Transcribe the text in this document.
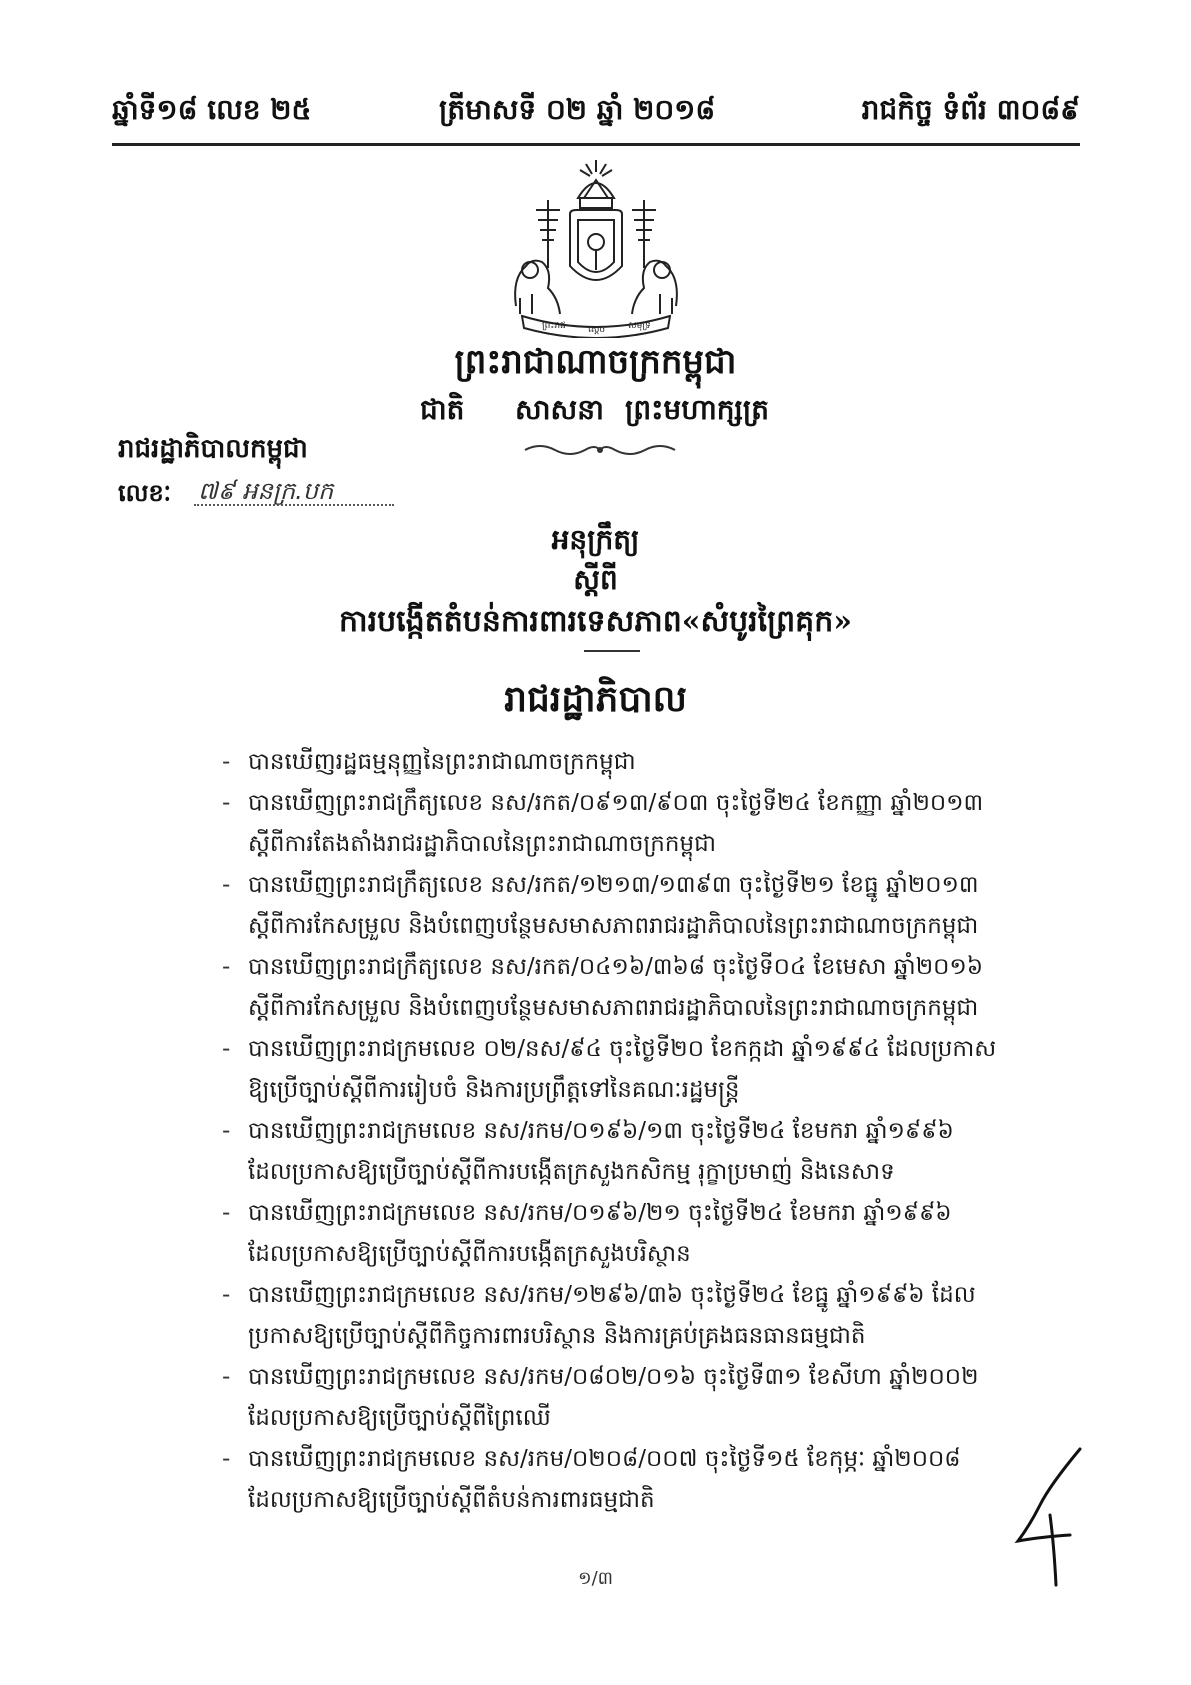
ឆ្នាំទី១៨ លេខ ២៥	ត្រីមាសទី ០២ ឆ្នាំ ២០១៨	រាជកិច្ច ទំព័រ ៣០៨៩
ព្រះរាជ ស្តេច	សមុទ្រ
ព្រះរាជាណាចក្រកម្ពុជា
ជាតិ សាសនា ព្រះមហាក្សត្រ
រាជរដ្ឋាភិបាលកម្ពុជា
លេខៈ ៧៩ អនក្រ.បក
អនុក្រឹត្យ
ស្តីពី
ការបង្កើតតំបន់ការពារទេសភាព«សំបូរព្រៃគុក»
រាជរដ្ឋាភិបាល
- បានឃើញរដ្ឋធម្មនុញ្ញនៃព្រះរាជាណាចក្រកម្ពុជា
- បានឃើញព្រះរាជក្រឹត្យលេខ នស/រកត/០៩១៣/៩០៣ ចុះថ្ងៃទី២៤ ខែកញ្ញា ឆ្នាំ២០១៣
ស្តីពីការតែងតាំងរាជរដ្ឋាភិបាលនៃព្រះរាជាណាចក្រកម្ពុជា
- បានឃើញព្រះរាជក្រឹត្យលេខ នស/រកត/១២១៣/១៣៩៣ ចុះថ្ងៃទី២១ ខែធ្នូ ឆ្នាំ២០១៣
ស្តីពីការកែសម្រួល និងបំពេញបន្ថែមសមាសភាពរាជរដ្ឋាភិបាលនៃព្រះរាជាណាចក្រកម្ពុជា
- បានឃើញព្រះរាជក្រឹត្យលេខ នស/រកត/០៤១៦/៣៦៨ ចុះថ្ងៃទី០៤ ខែមេសា ឆ្នាំ២០១៦
ស្តីពីការកែសម្រួល និងបំពេញបន្ថែមសមាសភាពរាជរដ្ឋាភិបាលនៃព្រះរាជាណាចក្រកម្ពុជា
- បានឃើញព្រះរាជក្រមលេខ ០២/នស/៩៤ ចុះថ្ងៃទី២០ ខែកក្កដា ឆ្នាំ១៩៩៤ ដែលប្រកាស
ឱ្យប្រើច្បាប់ស្តីពីការរៀបចំ និងការប្រព្រឹត្តទៅនៃគណៈរដ្ឋមន្ត្រី
- បានឃើញព្រះរាជក្រមលេខ នស/រកម/០១៩៦/១៣ ចុះថ្ងៃទី២៤ ខែមករា ឆ្នាំ១៩៩៦
ដែលប្រកាសឱ្យប្រើច្បាប់ស្តីពីការបង្កើតក្រសួងកសិកម្ម រុក្ខាប្រមាញ់ និងនេសាទ
- បានឃើញព្រះរាជក្រមលេខ នស/រកម/០១៩៦/២១ ចុះថ្ងៃទី២៤ ខែមករា ឆ្នាំ១៩៩៦
ដែលប្រកាសឱ្យប្រើច្បាប់ស្តីពីការបង្កើតក្រសួងបរិស្ថាន
- បានឃើញព្រះរាជក្រមលេខ នស/រកម/១២៩៦/៣៦ ចុះថ្ងៃទី២៤ ខែធ្នូ ឆ្នាំ១៩៩៦ ដែល
ប្រកាសឱ្យប្រើច្បាប់ស្តីពីកិច្ចការពារបរិស្ថាន និងការគ្រប់គ្រងធនធានធម្មជាតិ
- បានឃើញព្រះរាជក្រមលេខ នស/រកម/០៨០២/០១៦ ចុះថ្ងៃទី៣១ ខែសីហា ឆ្នាំ២០០២
ដែលប្រកាសឱ្យប្រើច្បាប់ស្តីពីព្រៃឈើ
- បានឃើញព្រះរាជក្រមលេខ នស/រកម/០២០៨/០០៧ ចុះថ្ងៃទី១៥ ខែកុម្ភៈ ឆ្នាំ២០០៨
ដែលប្រកាសឱ្យប្រើច្បាប់ស្តីពីតំបន់ការពារធម្មជាតិ
១/៣
